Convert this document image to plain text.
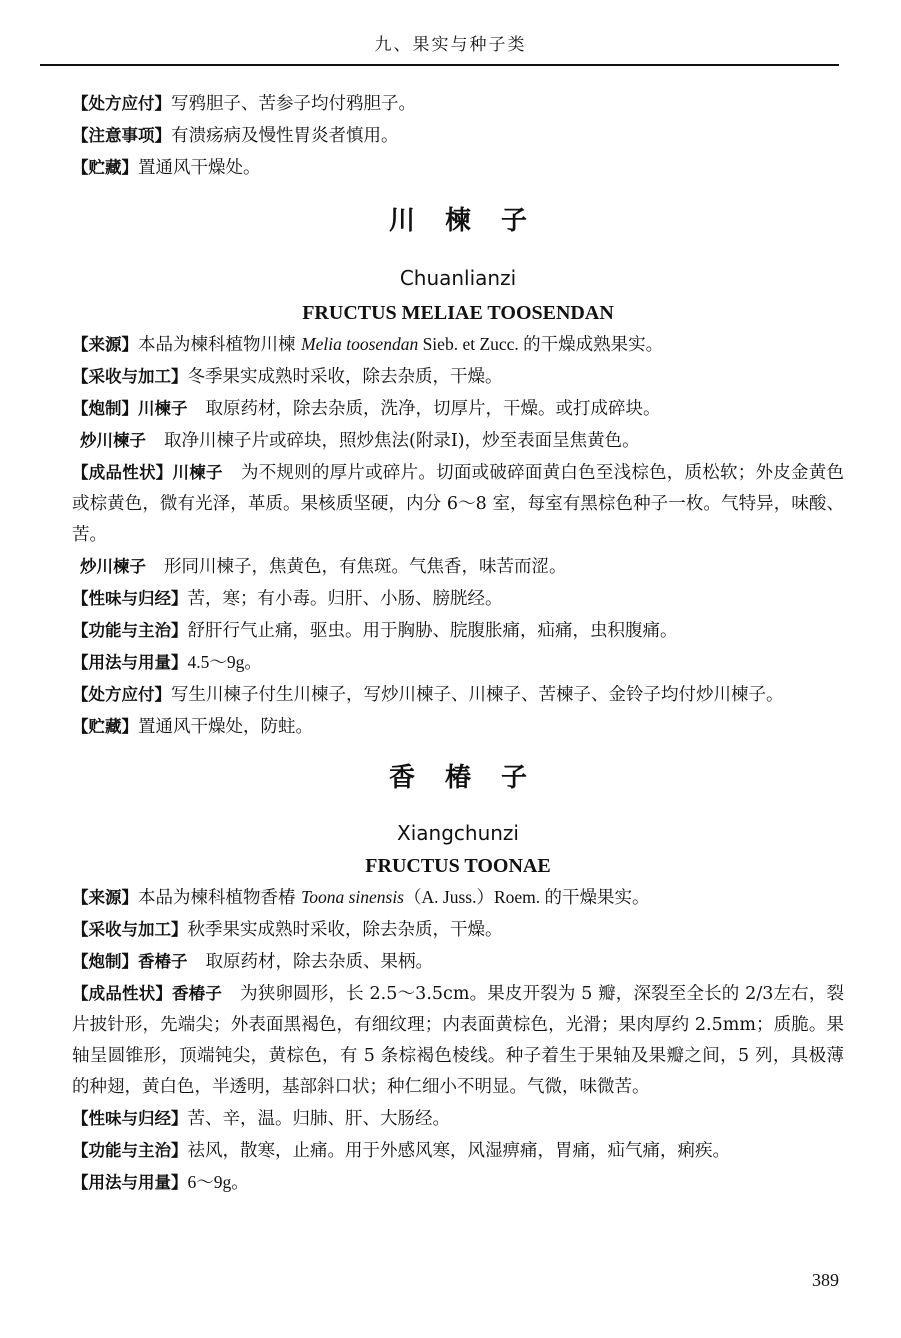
九、果实与种子类

【处方应付】写鸦胆子、苦参子均付鸦胆子。

【注意事项】有溃疡病及慢性胃炎者慎用。

【贮藏】置通风干燥处。

川楝子
Chuanlianzi
FRUCTUS MELIAE TOOSENDAN

【来源】本品为楝科植物川楝 Melia toosendan Sieb. et Zucc. 的干燥成熟果实。

【采收与加工】冬季果实成熟时采收，除去杂质，干燥。

【炮制】川楝子 取原药材，除去杂质，洗净，切厚片，干燥。或打成碎块。

炒川楝子 取净川楝子片或碎块，照炒焦法(附录Ⅰ)，炒至表面呈焦黄色。

【成品性状】川楝子 为不规则的厚片或碎片。切面或破碎面黄白色至浅棕色，质松软；外皮金黄色或棕黄色，微有光泽，革质。果核质坚硬，内分 6～8 室，每室有黑棕色种子一枚。气特异，味酸、苦。

炒川楝子 形同川楝子，焦黄色，有焦斑。气焦香，味苦而涩。

【性味与归经】苦，寒；有小毒。归肝、小肠、膀胱经。

【功能与主治】舒肝行气止痛，驱虫。用于胸胁、脘腹胀痛，疝痛，虫积腹痛。

【用法与用量】4.5～9g。

【处方应付】写生川楝子付生川楝子，写炒川楝子、川楝子、苦楝子、金铃子均付炒川楝子。

【贮藏】置通风干燥处，防蛀。

香椿子
Xiangchunzi
FRUCTUS TOONAE

【来源】本品为楝科植物香椿 Toona sinensis（A. Juss.）Roem. 的干燥果实。

【采收与加工】秋季果实成熟时采收，除去杂质，干燥。

【炮制】香椿子 取原药材，除去杂质、果柄。

【成品性状】香椿子 为狭卵圆形，长 2.5～3.5cm。果皮开裂为 5 瓣，深裂至全长的 2/3左右，裂片披针形，先端尖；外表面黑褐色，有细纹理；内表面黄棕色，光滑；果肉厚约 2.5mm；质脆。果轴呈圆锥形，顶端钝尖，黄棕色，有 5 条棕褐色棱线。种子着生于果轴及果瓣之间，5 列，具极薄的种翅，黄白色，半透明，基部斜口状；种仁细小不明显。气微，味微苦。

【性味与归经】苦、辛，温。归肺、肝、大肠经。

【功能与主治】祛风，散寒，止痛。用于外感风寒，风湿痹痛，胃痛，疝气痛，痢疾。

【用法与用量】6～9g。

389
